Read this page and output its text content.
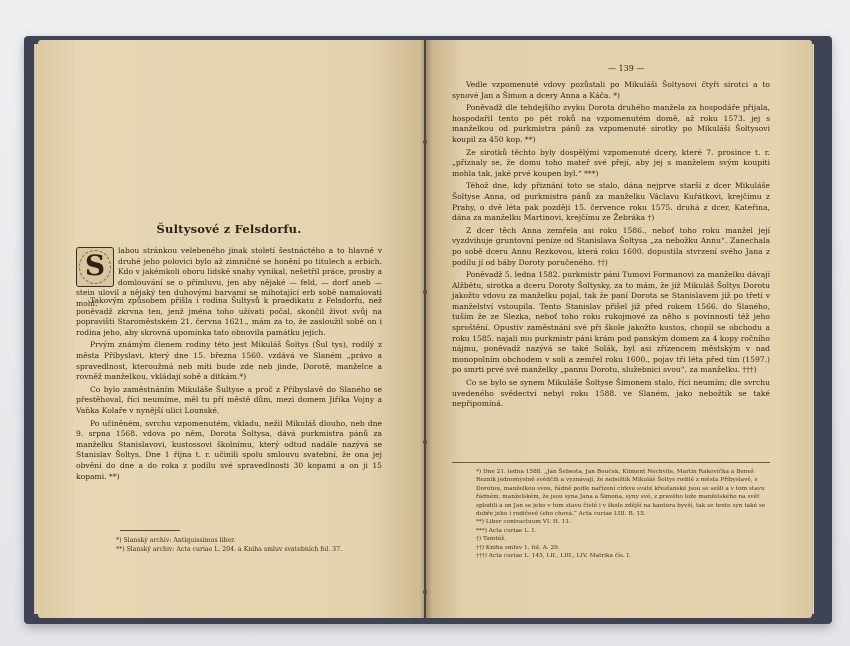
Šultysové z Felsdorfu.
S	labou stránkou velebeného jinak století šestnáctého a to hlavně v druhé jeho polovici bylo až zimničné se honění po titulech a erbích. Kdo v jakémkoli oboru lidské snahy vynikal, nešetřil práce, prosby a domlouvání se o přímluvu, jen aby nějaké — feld, — dorf aneb — stein ulovil a nějaký ten duhovými barvami se mihotající erb sobě namalovati mohl.

Takovým způsobem přišla i rodina Šultysů k praedikatu z Felsdorfu, než poněvadž zkrvna ten, jenž jména toho užívati počal, skončil život svůj na popravišti Staroměstském 21. června 1621., mám za to, že zasloužil sobě on i rodina jeho, aby skrovná upomínka tato obnovila památku jejich.

Prvým známým členem rodiny této jest Mikuláš Šoltys (Šul tys), rodilý z města Příbyslavi, který dne 15. března 1560. vzdává ve Slaném „právo a spravedlnost, kteroužmá neb míti bude zde neb jinde, Dorotě, manželce a rovněž manželkou, vkládají sobě a ditkám.*)

Co bylo zaměstnáním Mikuláše Šultyse a proč z Příbyslavě do Slaného se přestěhoval, říci neumíme, měl tu pří městě dům, mezi domem Jiříka Vojny a Vaňka Kolaře v nynější ulici Lounské.

Po učiněném, svrchu vzpomenutém, vkladu, nežil Mikuláš dlouho, neb dne 9. srpna 1568. vdova po něm, Dorota Šoltysa, dává purkmistra pánů za manželku Stanislavovi, kustossovi školnímu, který odtud nadále nazývá se Stanislav Šoltys. Dne 1 října t. r. učinili spolu smlouvu svatební, že ona jej obvění do dne a do roka z podílu své spravedlnosti 30 kopami a on ji 15 kopami. **)

*) Slanský archiv: Antiquissimus liber.

**) Slanský archiv: Acta curiae L. 204. a Kniha smluv svatebních fol. 37.

— 139 —

Vedle vzpomenuté vdovy pozůstali po Mikuláši Šoltysovi čtyři sirotci a to synové Jan a Šimon a dcery Anna a Káča. *)

Poněvadž dle tehdejšího zvyku Dorota druhého manžela za hospodáře přijala, hospodařil tento po pět roků na vzpomenutém domě, až roku 1573. jej s manželkou od purkmistra pánů za vzpomenuté sirotky po Mikuláši Šoltysovi koupil za 450 kop. **)

Ze sirotků těchto byly dospělými vzpomenuté dcery, které 7. prosince t. r. „přiznaly se, že domu toho mateř své přejí, aby jej s manželem svým koupiti mohla tak, jaké prvé koupen byl.“ ***)

Téhož dne, kdy přiznání toto se stalo, dána nejprve starší z dcer Mikuláše Šoltyse Anna, od purkmistra pánů za manželku Václavu Kuřátkovi, krejčímu z Prahy, o dvě léta pak později 15. července roku 1575. druhá z dcer, Kateřina, dána za manželku Martinovi, krejčímu ze Žebráka †)

Z dcer těch Anna zemřela asi roku 1586., neboť toho roku manžel její vyzdvihuje gruntovní peníze od Stanislava Šoltysa „za nebožku Annu“. Zanechala po sobě dceru Annu Rezkovou, která roku 1600. dopustila stvrzení svého Jana z podílu jí od báby Doroty poručeného. ††)

Poněvadž 5. ledna 1582. purkmistr páni Tumovi Formanovi za manželku dávají Alžbětu, sirotka a dceru Doroty Šoltysky, za to mám, že již Mikuláš Šoltys Dorotu jakožto vdovu za manželku pojal, tak že paní Dorota se Stanislavem již po třetí v manželství vstoupila. Tento Stanislav přišel již před rokem 1566. do Slaného, tuším že ze Slezka, neboť toho roku rukojmové za něho s povinností též jeho sproštění. Opustiv zaměstnání své při škole jakožto kustos, chopil se obchodu a roku 1585. najali mu purkmistr páni krám pod panským domem za 4 kopy ročního nájmu, poněvadž nazývá se také Solák, byl asi zřízencem městským v nad monopolním obchodem v soli a zemřel roku 1600., pojav tři léta před tím (1597.) po smrti prvé své manželky „pannu Dorotu, služebnici svou“, za manželku. †††)

Co se bylo se synem Mikuláše Šoltyse Šimonem stalo, říci neumím; dle svrchu uvedeného svědectví nebyl roku 1588. ve Slaném, jako nebožtík se také nepřipomíná.

*) Dne 21. ledna 1588. „Jan Šebesta, Jan Bouček, Kliment Nechvile, Martin Rakovička a Beneš Rezník jednomyslně svědčili a vyznávají, že nebožtík Mikuláš Šoltys rodilé z města Příbyslavě, s Dorotou, manželkou svou, řádně podle nařízení církve svaté křesťanské jsou se sešli a v tom stavu řádném, manželském, že jsou syna Jana a Šimona, syny své, z pravého lože manželského na svět splodili a on Jan se jeho v tom stavu čisté i v škole zdější na kantora byvší, tak se tento syn také se dobře jeho i rodičově (eho chová.“ Acta curiae LIII. B. 15.

**) Liber contractuum VI. H. 11.

***) Acta curiae L. I.

†) Tamtéž.

††) Kniha smluv 1. fol. A. 29.

†††) Acta curiae L. 145, LII., LIII., LIV. Matrika čís. I.
